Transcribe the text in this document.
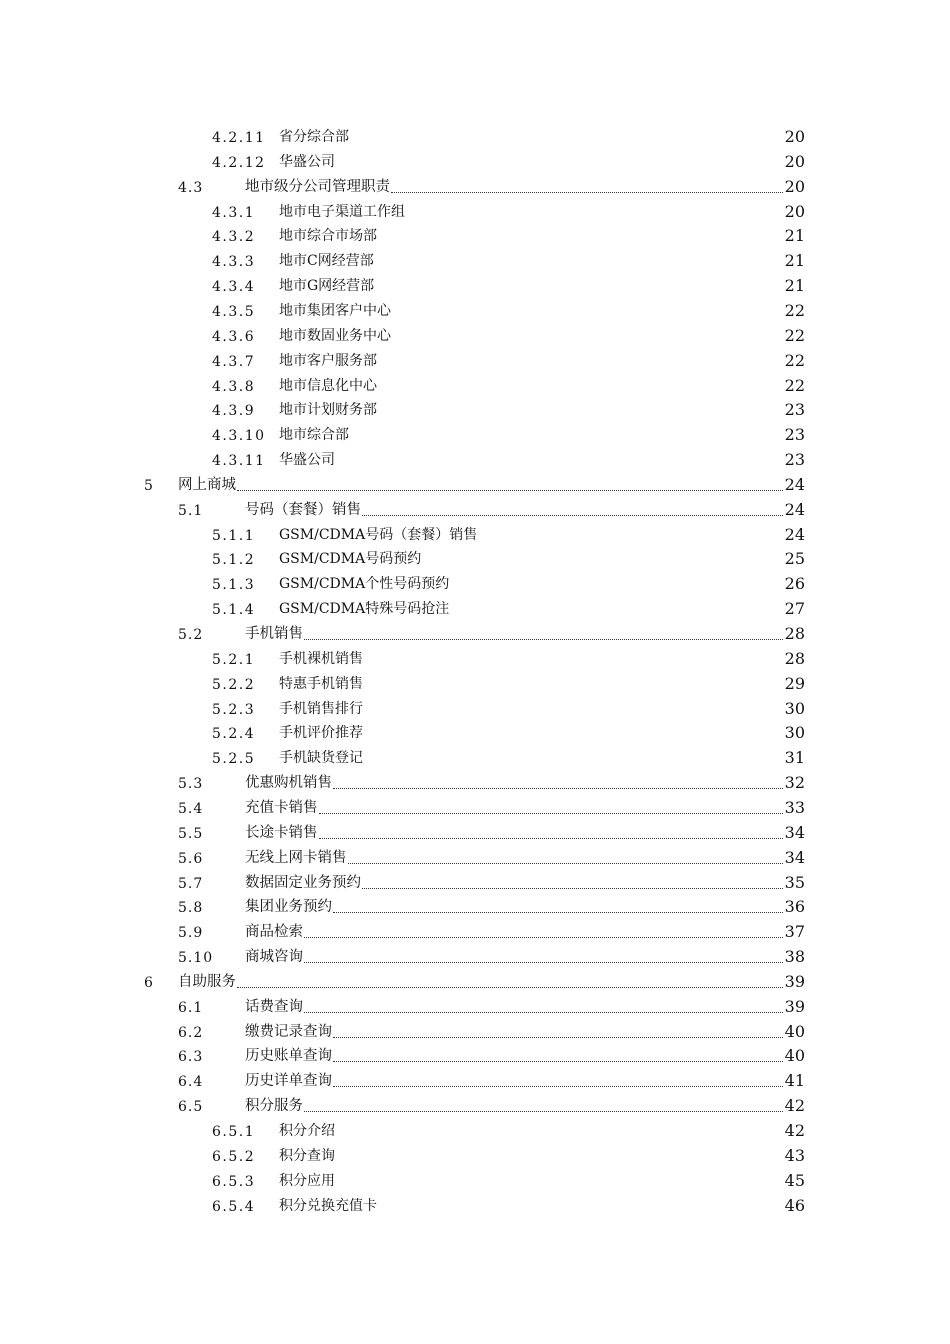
4.2.11 省分综合部	20
4.2.12 华盛公司	20
4.3	地市级分公司管理职责	20
4.3.1 地市电子渠道工作组	20
4.3.2 地市综合市场部	21
4.3.3 地市C网经营部	21
4.3.4 地市G网经营部	21
4.3.5 地市集团客户中心	22
4.3.6 地市数固业务中心	22
4.3.7 地市客户服务部	22
4.3.8 地市信息化中心	22
4.3.9 地市计划财务部	23
4.3.10 地市综合部	23
4.3.11 华盛公司	23
5 网上商城	24
5.1	号码（套餐）销售	24
5.1.1 GSM/CDMA号码（套餐）销售	24
5.1.2 GSM/CDMA号码预约	25
5.1.3 GSM/CDMA个性号码预约	26
5.1.4 GSM/CDMA特殊号码抢注	27
5.2	手机销售	28
5.2.1 手机裸机销售	28
5.2.2 特惠手机销售	29
5.2.3 手机销售排行	30
5.2.4 手机评价推荐	30
5.2.5 手机缺货登记	31
5.3	优惠购机销售	32
5.4	充值卡销售	33
5.5	长途卡销售	34
5.6	无线上网卡销售	34
5.7	数据固定业务预约	35
5.8	集团业务预约	36
5.9	商品检索	37
5.10 商城咨询	38
6 自助服务	39
6.1	话费查询	39
6.2	缴费记录查询	40
6.3	历史账单查询	40
6.4	历史详单查询	41
6.5	积分服务	42
6.5.1 积分介绍	42
6.5.2 积分查询	43
6.5.3 积分应用	45
6.5.4 积分兑换充值卡	46
